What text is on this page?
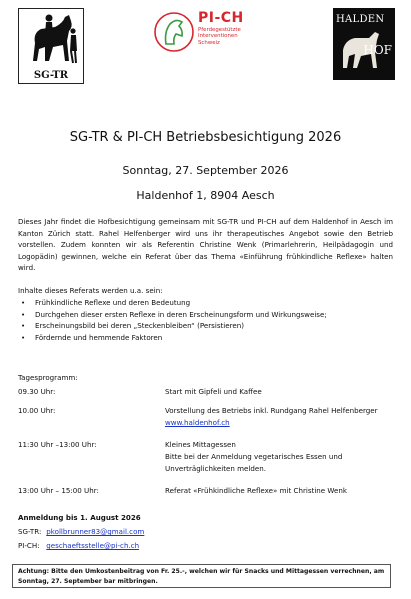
SG-TR
PI-CH
Pferdegestützte
Interventionen
Schweiz
HALDEN
HOF
SG-TR & PI-CH Betriebsbesichtigung 2026
Sonntag, 27. September 2026
Haldenhof 1, 8904 Aesch
Dieses Jahr findet die Hofbesichtigung gemeinsam mit SG-TR und PI-CH auf dem Haldenhof in Aesch im Kanton Zürich statt. Rahel Helfenberger wird uns ihr therapeutisches Angebot sowie den Betrieb vorstellen. Zudem konnten wir als Referentin Christine Wenk (Primarlehrerin, Heilpädagogin und Logopädin) gewinnen, welche ein Referat über das Thema «Einführung frühkindliche Reflexe» halten wird.
Inhalte dieses Referats werden u.a. sein:
• Frühkindliche Reflexe und deren Bedeutung
• Durchgehen dieser ersten Reflexe in deren Erscheinungsform und Wirkungsweise;
• Erscheinungsbild bei deren „Steckenbleiben“ (Persistieren)
• Fördernde und hemmende Faktoren
Tagesprogramm:
09.30 Uhr:	Start mit Gipfeli und Kaffee
10.00 Uhr:	Vorstellung des Betriebs inkl. Rundgang Rahel Helfenberger www.haldenhof.ch
11:30 Uhr –13:00 Uhr:	Kleines Mittagessen
Bitte bei der Anmeldung vegetarisches Essen und Unverträglichkeiten melden.
13:00 Uhr – 15:00 Uhr:	Referat «Frühkindliche Reflexe» mit Christine Wenk
Anmeldung bis 1. August 2026
SG-TR: pkollbrunner83@gmail.com
PI-CH: geschaeftsstelle@pi-ch.ch
Achtung: Bitte den Umkostenbeitrag von Fr. 25.-, welchen wir für Snacks und Mittagessen verrechnen, am Sonntag, 27. September bar mitbringen.
